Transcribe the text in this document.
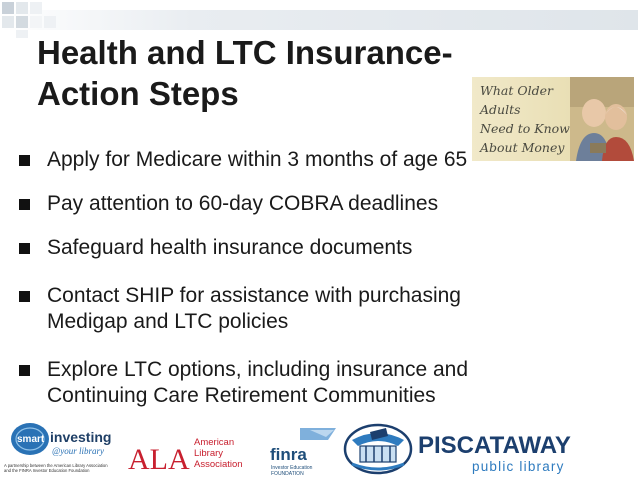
Health and LTC Insurance-
Action Steps	What Older Adults
Need to Know
About Money
Apply for Medicare within 3 months of age 65
Pay attention to 60-day COBRA deadlines
Safeguard health insurance documents
Contact SHIP for assistance with purchasing
Medigap and LTC policies
Explore LTC options, including insurance and
Continuing Care Retirement Communities
smart investing
@your library
A partnership between the American Library Association
and the FINRA Investor Education Foundation ALA
American
Library
Association
finra
Investor Education
FOUNDATION
PISCATAWAY
public library
